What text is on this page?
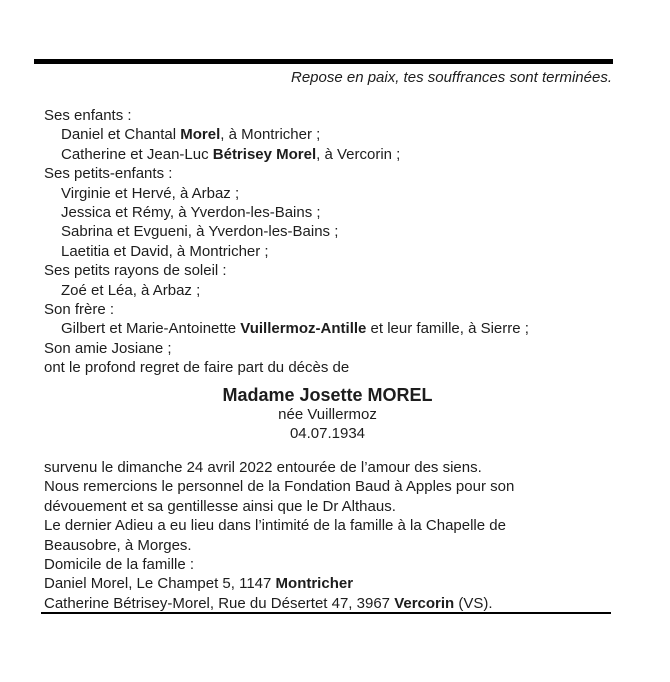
Repose en paix, tes souffrances sont terminées.
Ses enfants :
Daniel et Chantal Morel, à Montricher ;
Catherine et Jean-Luc Bétrisey Morel, à Vercorin ;
Ses petits-enfants :
Virginie et Hervé, à Arbaz ;
Jessica et Rémy, à Yverdon-les-Bains ;
Sabrina et Evgueni, à Yverdon-les-Bains ;
Laetitia et David, à Montricher ;
Ses petits rayons de soleil :
Zoé et Léa, à Arbaz ;
Son frère :
Gilbert et Marie-Antoinette Vuillermoz-Antille et leur famille, à Sierre ;
Son amie Josiane ;
ont le profond regret de faire part du décès de
Madame Josette MOREL
née Vuillermoz
04.07.1934
survenu le dimanche 24 avril 2022 entourée de l’amour des siens.
Nous remercions le personnel de la Fondation Baud à Apples pour son
dévouement et sa gentillesse ainsi que le Dr Althaus.
Le dernier Adieu a eu lieu dans l’intimité de la famille à la Chapelle de
Beausobre, à Morges.
Domicile de la famille :
Daniel Morel, Le Champet 5, 1147 Montricher
Catherine Bétrisey-Morel, Rue du Désertet 47, 3967 Vercorin (VS).
